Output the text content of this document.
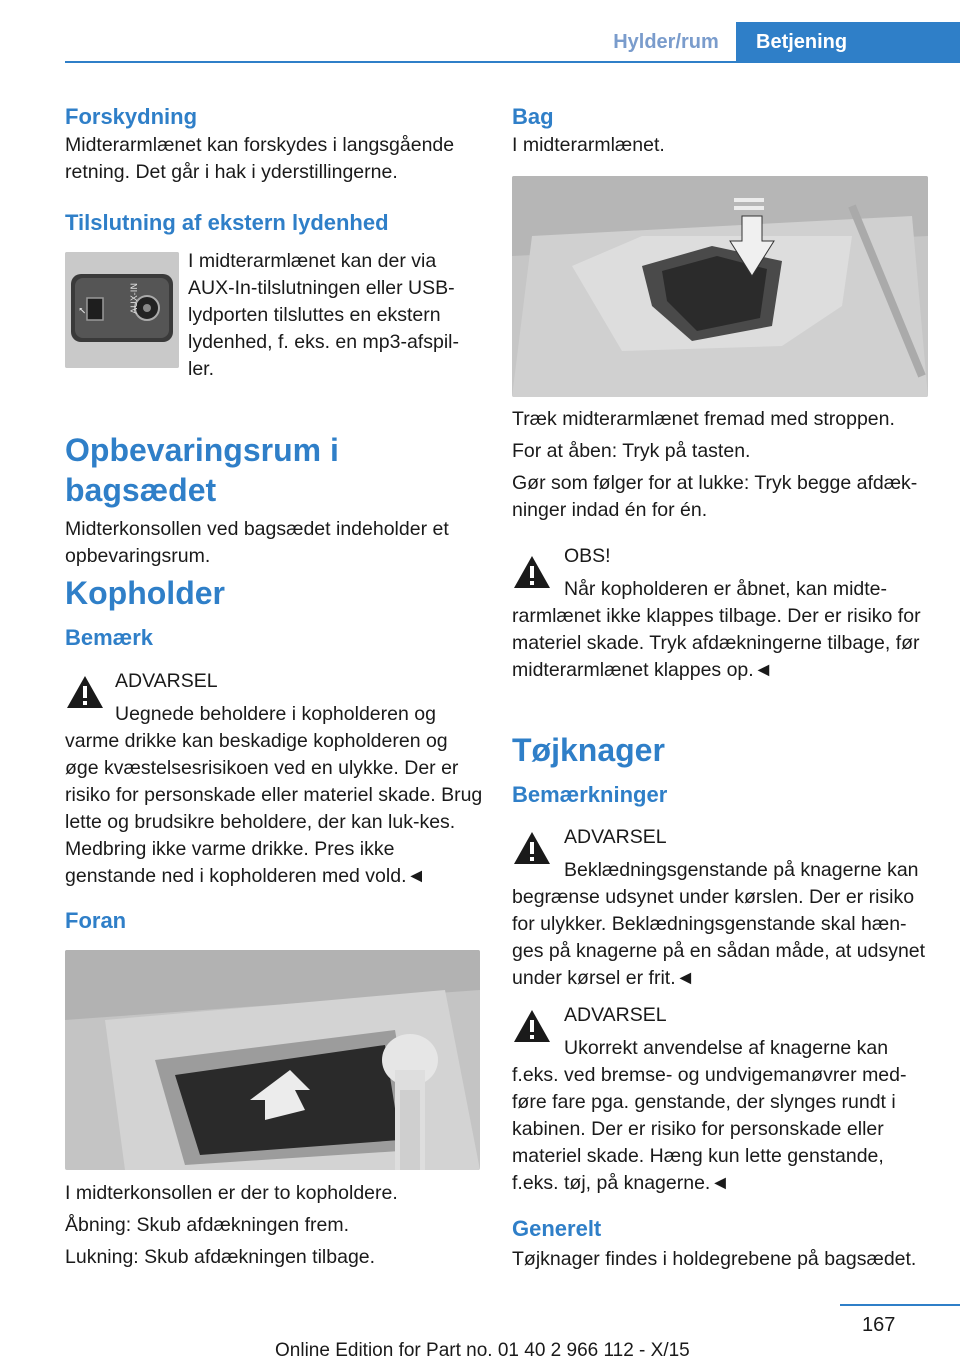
Hylder/rum	Betjening
Forskydning

Midterarmlænet kan forskydes i langsgående retning. Det går i hak i yderstillingerne.

Tilslutning af ekstern lydenhed
⭦	AUX-IN
I midterarmlænet kan der via
AUX-In-tilslutningen eller USB-
lydporten tilsluttes en ekstern
lydenhed, f. eks. en mp3-afspil-
ler.
Opbevaringsrum i bagsædet

Midterkonsollen ved bagsædet indeholder et opbevaringsrum.

Kopholder
Bemærk
ADVARSEL
Uegnede beholdere i kopholderen og

varme drikke kan beskadige kopholderen og øge kvæstelsesrisikoen ved en ulykke. Der er risiko for personskade eller materiel skade. Brug lette og brudsikre beholdere, der kan luk‐kes. Medbring ikke varme drikke. Pres ikke genstande ned i kopholderen med vold.◄

Foran

I midterkonsollen er der to kopholdere.

Åbning: Skub afdækningen frem.

Lukning: Skub afdækningen tilbage.

Bag

I midterarmlænet.

Træk midterarmlænet fremad med stroppen.

For at åben: Tryk på tasten.

Gør som følger for at lukke: Tryk begge afdæk‐ninger indad én for én.

OBS!
Når kopholderen er åbnet, kan midte‐

rarmlænet ikke klappes tilbage. Der er risiko for materiel skade. Tryk afdækningerne tilbage, før midterarmlænet klappes op.◄

Tøjknager
Bemærkninger
ADVARSEL
Beklædningsgenstande på knagerne kan

begrænse udsynet under kørslen. Der er risiko for ulykker. Beklædningsgenstande skal hæn‐ges på knagerne på en sådan måde, at udsynet under kørsel er frit.◄

ADVARSEL
Ukorrekt anvendelse af knagerne kan

f.eks. ved bremse- og undvigemanøvrer med‐føre fare pga. genstande, der slynges rundt i kabinen. Der er risiko for personskade eller materiel skade. Hæng kun lette genstande, f.eks. tøj, på knagerne.◄

Generelt

Tøjknager findes i holdegrebene på bagsædet.

167
Online Edition for Part no. 01 40 2 966 112 - X/15
